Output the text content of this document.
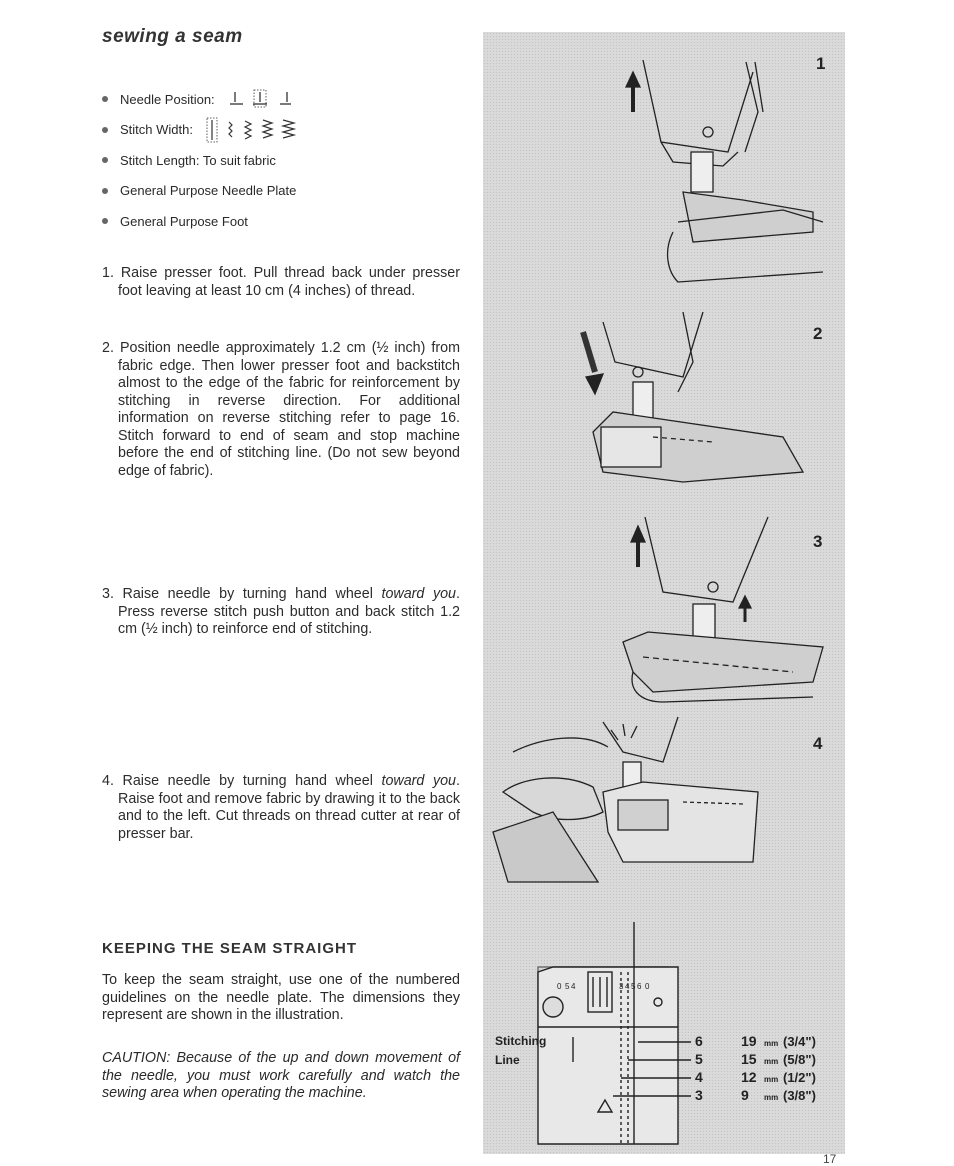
sewing a seam
Needle Position:
Stitch Width:
Stitch Length: To suit fabric
General Purpose Needle Plate
General Purpose Foot
1. Raise presser foot. Pull thread back under presser foot leaving at least 10 cm (4 inches) of thread.
2. Position needle approximately 1.2 cm (½ inch) from fabric edge. Then lower presser foot and backstitch almost to the edge of the fabric for reinforcement by stitching in reverse direction. For additional information on reverse stitching refer to page 16. Stitch forward to end of seam and stop machine before the end of stitching line. (Do not sew beyond edge of fabric).
3. Raise needle by turning hand wheel toward you. Press reverse stitch push button and back stitch 1.2 cm (½ inch) to reinforce end of stitching.
4. Raise needle by turning hand wheel toward you. Raise foot and remove fabric by drawing it to the back and to the left. Cut threads on thread cutter at rear of presser bar.
KEEPING THE SEAM STRAIGHT
To keep the seam straight, use one of the numbered guidelines on the needle plate. The dimensions they represent are shown in the illustration.
CAUTION: Because of the up and down movement of the needle, you must work carefully and watch the sewing area when operating the machine.
0 5 4	3 4 5 6 0
Stitching
Line
6	19 mm (3/4")
5	15 mm (5/8")
4	12 mm (1/2")
3	9 mm (3/8")
1
2
3
4
17
